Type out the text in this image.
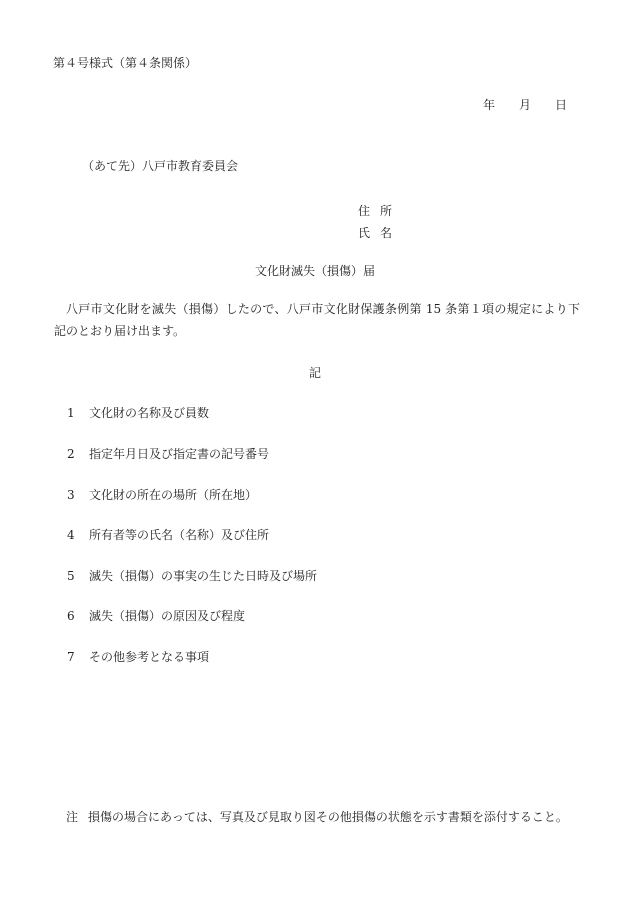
第４号様式（第４条関係）
年 月 日
（あて先）八戸市教育委員会
住 所
氏 名
文化財滅失（損傷）届
八戸市文化財を滅失（損傷）したので、八戸市文化財保護条例第 15 条第１項の規定により下記のとおり届け出ます。
記
1 文化財の名称及び員数
2 指定年月日及び指定書の記号番号
3 文化財の所在の場所（所在地）
4 所有者等の氏名（名称）及び住所
5 滅失（損傷）の事実の生じた日時及び場所
6 滅失（損傷）の原因及び程度
7 その他参考となる事項
注 損傷の場合にあっては、写真及び見取り図その他損傷の状態を示す書類を添付すること。
